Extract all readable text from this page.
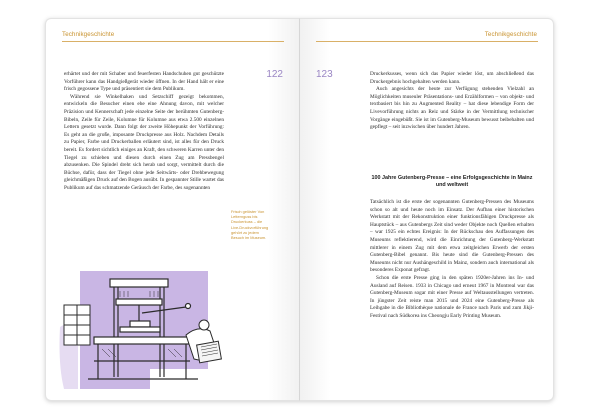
Technikgeschichte
122

erhärtet und der mit Schaber und feuerfesten Handschuhen gut geschützte Vorführer kann das Handgießgerät wieder öffnen. In der Hand hält er eine frisch gegossene Type und präsentiert sie dem Publikum.

Während sie Winkelhaken und Setzschiff gezeigt bekommen, entwickeln die Besucher einen ehe eine Ahnung davon, mit welcher Präzision und Kennerschaft jede einzelne Seite der berühmten Gutenberg-Bibeln, Zeile für Zeile, Kolumne für Kolumne aus etwa 2.500 einzelnen Lettern gesetzt wurde. Dann folgt der zweite Höhepunkt der Vorführung: Es geht an die große, imposante Druckpresse aus Holz. Nachdem Details zu Papier, Farbe und Druckerballen erläutert sind, ist alles für den Druck bereit. Es fordert sichtlich einiges an Kraft, den schweren Karren unter den Tiegel zu schieben und diesen durch einen Zug am Pressbengel abzusenken. Die Spindel dreht sich herab und sorgt, vermittelt durch die Büchse, dafür, dass der Tiegel ohne jede Seitwärts- oder Drehbewegung gleichmäßigen Druck auf den Bogen ausübt. In gespannter Stille wartet das Publikum auf das schmatzende Geräusch der Farbe, des sogenannten

Frisch gelöster Von Letternguss bis Druckerkuss – die Live-Druckvorführung gehört zu jedem Besuch im Museum.
Technikgeschichte
123	Druckerkusses, wenn sich das Papier wieder löst, um abschließend das Druckergebnis hochgehalten werden kann.

Auch angesichts der heute zur Verfügung stehenden Vielzahl an Möglichkeiten museuler Präsentations- und Erzählformen – von objekt- und textbasiert bis hin zu Augmented Reality – hat diese lebendige Form der Livevorführung nichts an Reiz und Stärke in der Vermittlung technischer Vorgänge eingebüßt. Sie ist im Gutenberg-Museum bewusst beibehalten und gepflegt – seit inzwischen über hundert Jahren.

100 Jahre Gutenberg-Presse – eine Erfolgsgeschichte in Mainz und weltweit

Tatsächlich ist die erste der sogenannten Gutenberg-Pressen des Museums schon so alt und heute noch im Einsatz. Der Aufbau einer historischen Werkstatt mit der Rekonstruktion einer funktionsfähigen Druckpresse als Hauptstück – aus Gutenbergs Zeit sind weder Objekte noch Quellen erhalten – war 1925 ein echtes Ereignis: In der Rückschau den Auffassungen des Museums reflektierend, wird die Einrichtung der Gutenberg-Werkstatt mittlerer in einem Zug mit dem etwa zeitgleichen Erwerb der ersten Gutenberg-Bibel genannt. Bis heute sind die Gutenberg-Pressen des Museums nicht nur Aushängeschild in Mainz, sondern auch international als besonderes Exponat gefragt.

Schon die erste Presse ging in den späten 1920er-Jahren ins In- und Ausland auf Reisen. 1933 in Chicago und erneut 1967 in Montreal war das Gutenberg-Museum sogar mit einer Presse auf Weltausstellungen vertreten. In jüngster Zeit reiste man 2015 und 2024 eine Gutenberg-Presse als Leihgabe in die Bibliothèque nationale de France nach Paris und zum Jikji-Festival nach Südkorea ins Cheongju Early Printing Museum.
